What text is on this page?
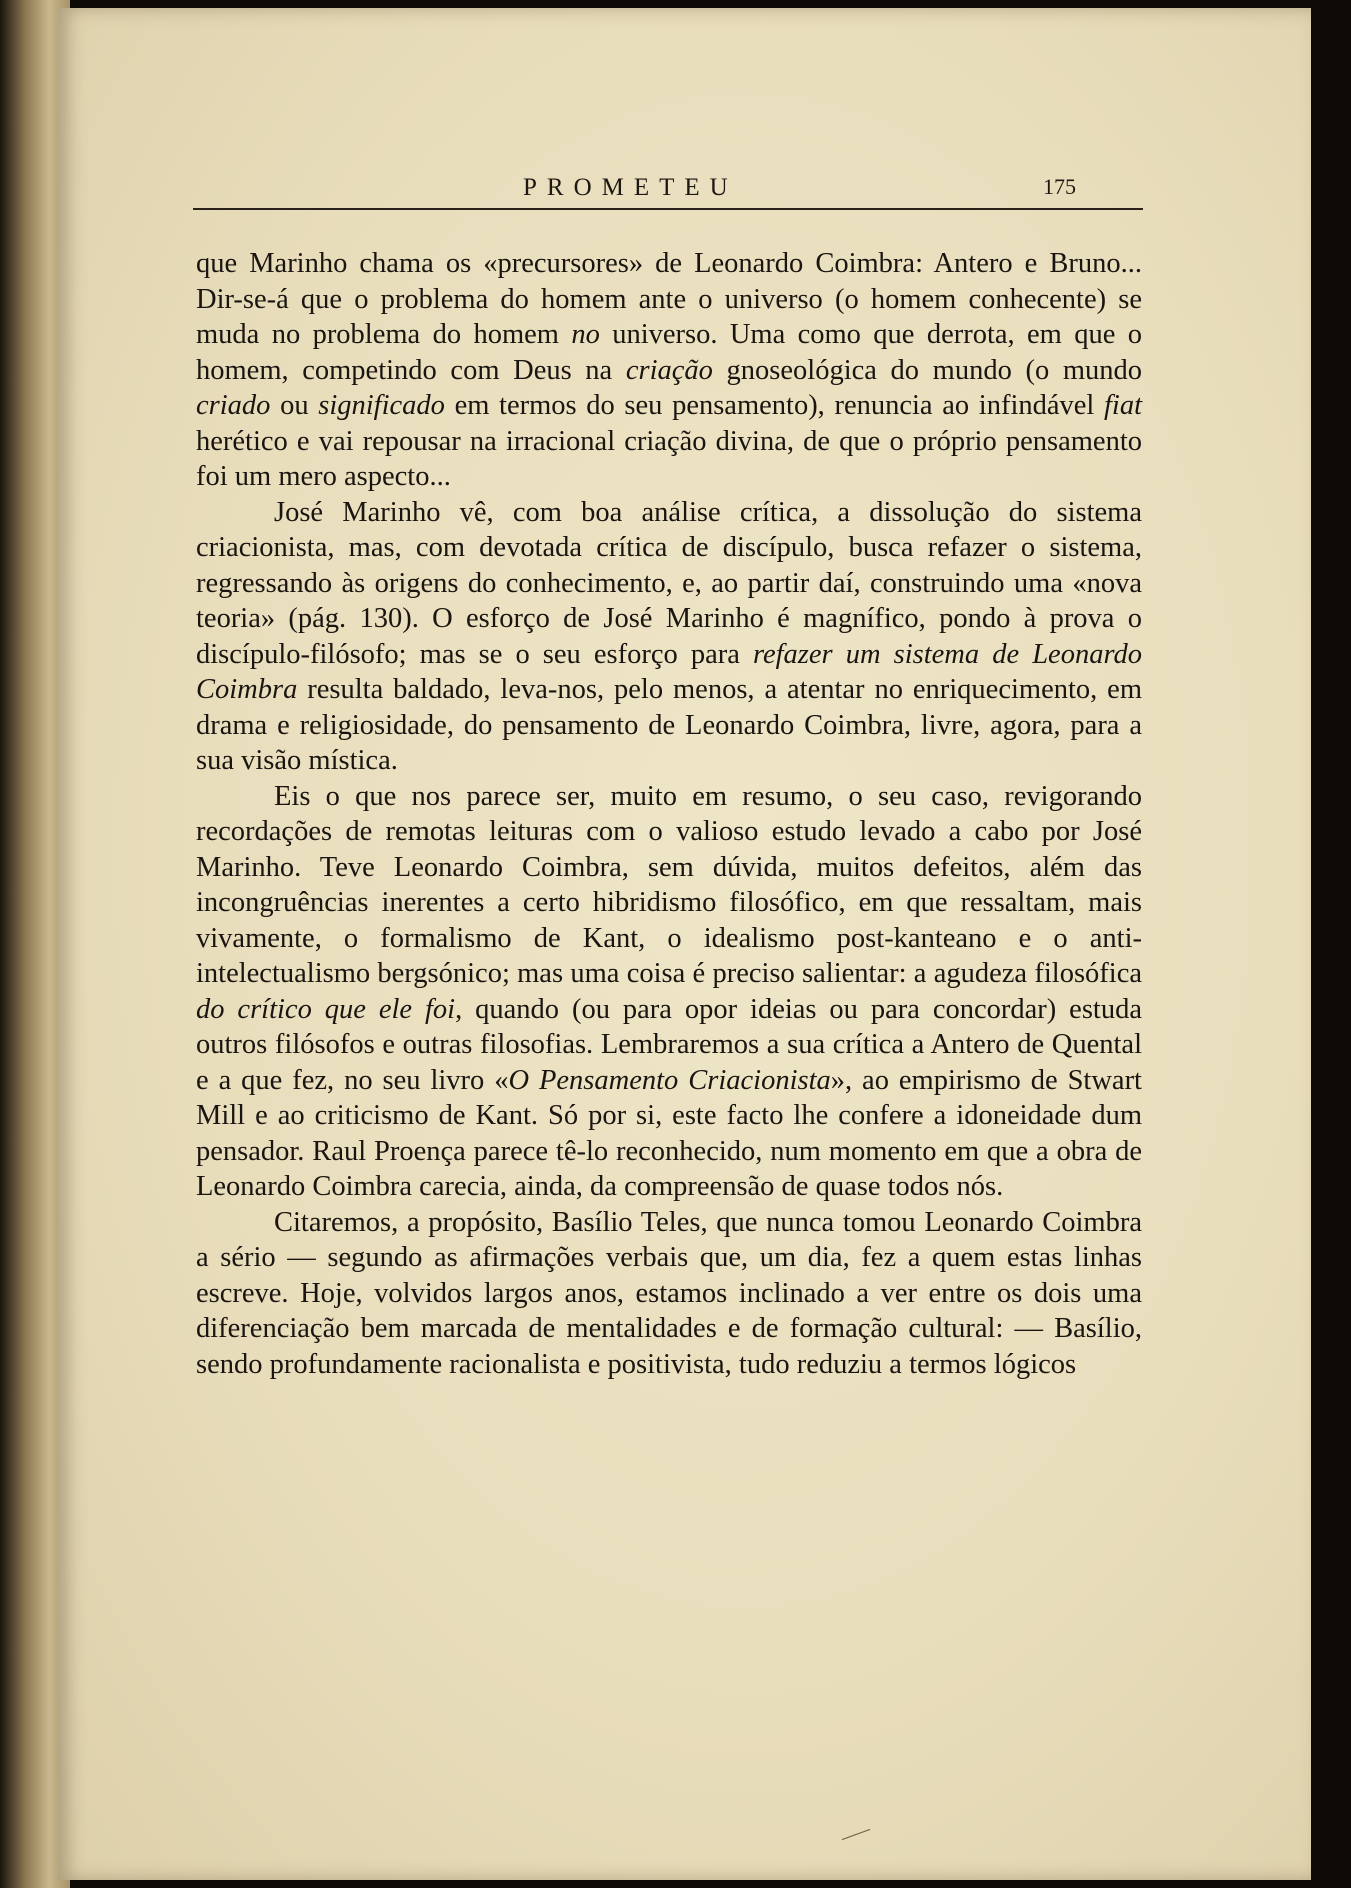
PROMETEU	175

que Marinho chama os «precursores» de Leonardo Coimbra: Antero e Bruno... Dir-se-á que o problema do homem ante o universo (o homem conhecente) se muda no problema do homem no universo. Uma como que derrota, em que o homem, competindo com Deus na criação gnoseológica do mundo (o mundo criado ou significado em termos do seu pensamento), renuncia ao infindável fiat herético e vai repousar na irracional criação divina, de que o próprio pensamento foi um mero aspecto...

José Marinho vê, com boa análise crítica, a dissolução do sistema criacionista, mas, com devotada crítica de discípulo, busca refazer o sistema, regressando às origens do conhecimento, e, ao partir daí, construindo uma «nova teoria» (pág. 130). O esforço de José Marinho é magnífico, pondo à prova o discípulo-filósofo; mas se o seu esforço para refazer um sistema de Leonardo Coimbra resulta baldado, leva-nos, pelo menos, a atentar no enriquecimento, em drama e religiosidade, do pensamento de Leonardo Coimbra, livre, agora, para a sua visão mística.

Eis o que nos parece ser, muito em resumo, o seu caso, revigorando recordações de remotas leituras com o valioso estudo levado a cabo por José Marinho. Teve Leonardo Coimbra, sem dúvida, muitos defeitos, além das incongruências inerentes a certo hibridismo filosófico, em que ressaltam, mais vivamente, o formalismo de Kant, o idealismo post-kanteano e o anti-intelectualismo bergsónico; mas uma coisa é preciso salientar: a agudeza filosófica do crítico que ele foi, quando (ou para opor ideias ou para concordar) estuda outros filósofos e outras filosofias. Lembraremos a sua crítica a Antero de Quental e a que fez, no seu livro «O Pensamento Criacionista», ao empirismo de Stwart Mill e ao criticismo de Kant. Só por si, este facto lhe confere a idoneidade dum pensador. Raul Proença parece tê-lo reconhecido, num momento em que a obra de Leonardo Coimbra carecia, ainda, da compreensão de quase todos nós.

Citaremos, a propósito, Basílio Teles, que nunca tomou Leonardo Coimbra a sério — segundo as afirmações verbais que, um dia, fez a quem estas linhas escreve. Hoje, volvidos largos anos, estamos inclinado a ver entre os dois uma diferenciação bem marcada de mentalidades e de formação cultural: — Basílio, sendo profundamente racionalista e positivista, tudo reduziu a termos lógicos
